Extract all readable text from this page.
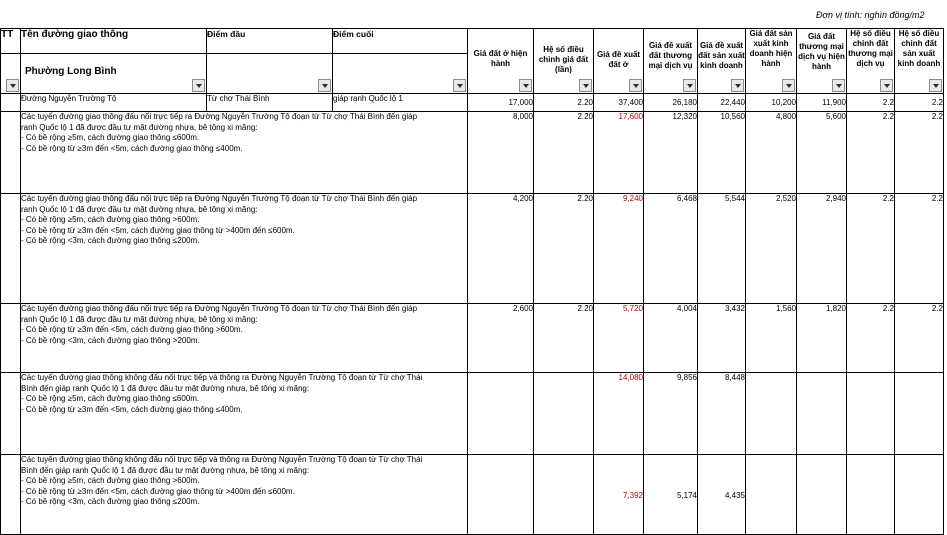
Đơn vị tính: nghìn đồng/m2
TT	Tên đường giao thông	Điểm đầu	Điểm cuối	Giá đất ở hiện hành	Hệ số điều chỉnh giá đất (lần)	Giá đề xuất đất ở	Giá đề xuất đất thương mại dịch vụ	Giá đề xuất đất sản xuất kinh doanh	Giá đất sản xuất kinh doanh hiện hành	Giá đất thương mại dịch vụ hiện hành	Hệ số điều chỉnh đất thương mại dịch vụ	Hệ số điều chỉnh đất sản xuất kinh doanh

	Phường Long Bình											

	Đường Nguyễn Trường Tộ	Từ chợ Thái Bình	giáp ranh Quốc lộ 1	17,000	2.20	37,400	26,180	22,440	10,200	11,900	2.2	2.2

	Các tuyến đường giao thông đấu nối trực tiếp ra Đường Nguyễn Trường Tộ đoạn từ Từ chợ Thái Bình đến giáp
ranh Quốc lộ 1 đã được đầu tư mặt đường nhựa, bê tông xi măng:
- Có bề rộng ≥5m, cách đường giao thông ≤600m.
- Có bề rộng từ ≥3m đến <5m, cách đường giao thông ≤400m.			8,000	2.20	17,600	12,320	10,560	4,800	5,600	2.2	2.2

	Các tuyến đường giao thông đấu nối trực tiếp ra Đường Nguyễn Trường Tộ đoạn từ Từ chợ Thái Bình đến giáp
ranh Quốc lộ 1 đã được đầu tư mặt đường nhựa, bê tông xi măng:
- Có bề rộng ≥5m, cách đường giao thông >600m.
- Có bề rộng từ ≥3m đến <5m, cách đường giao thông từ >400m đến ≤600m.
- Có bề rộng <3m, cách đường giao thông ≤200m.			4,200	2.20	9,240	6,468	5,544	2,520	2,940	2.2	2.2

	Các tuyến đường giao thông đấu nối trực tiếp ra Đường Nguyễn Trường Tộ đoạn từ Từ chợ Thái Bình đến giáp
ranh Quốc lộ 1 đã được đầu tư mặt đường nhựa, bê tông xi măng:
- Có bề rộng từ ≥3m đến <5m, cách đường giao thông >600m.
- Có bề rộng <3m, cách đường giao thông >200m.			2,600	2.20	5,720	4,004	3,432	1,560	1,820	2.2	2.2

	Các tuyến đường giao thông không đấu nối trực tiếp và thông ra Đường Nguyễn Trường Tộ đoạn từ Từ chợ Thái
Bình đến giáp ranh Quốc lộ 1 đã được đầu tư mặt đường nhựa, bê tông xi măng:
- Có bề rộng ≥5m, cách đường giao thông ≤600m.
- Có bề rộng từ ≥3m đến <5m, cách đường giao thông ≤400m.					14,080	9,856	8,448				

	Các tuyến đường giao thông không đấu nối trực tiếp và thông ra Đường Nguyễn Trường Tộ đoạn từ Từ chợ Thái
Bình đến giáp ranh Quốc lộ 1 đã được đầu tư mặt đường nhựa, bê tông xi măng:
- Có bề rộng ≥5m, cách đường giao thông >600m.
- Có bề rộng từ ≥3m đến <5m, cách đường giao thông từ >400m đến ≤600m.
- Có bề rộng <3m, cách đường giao thông ≤200m.					7,392	5,174	4,435				
